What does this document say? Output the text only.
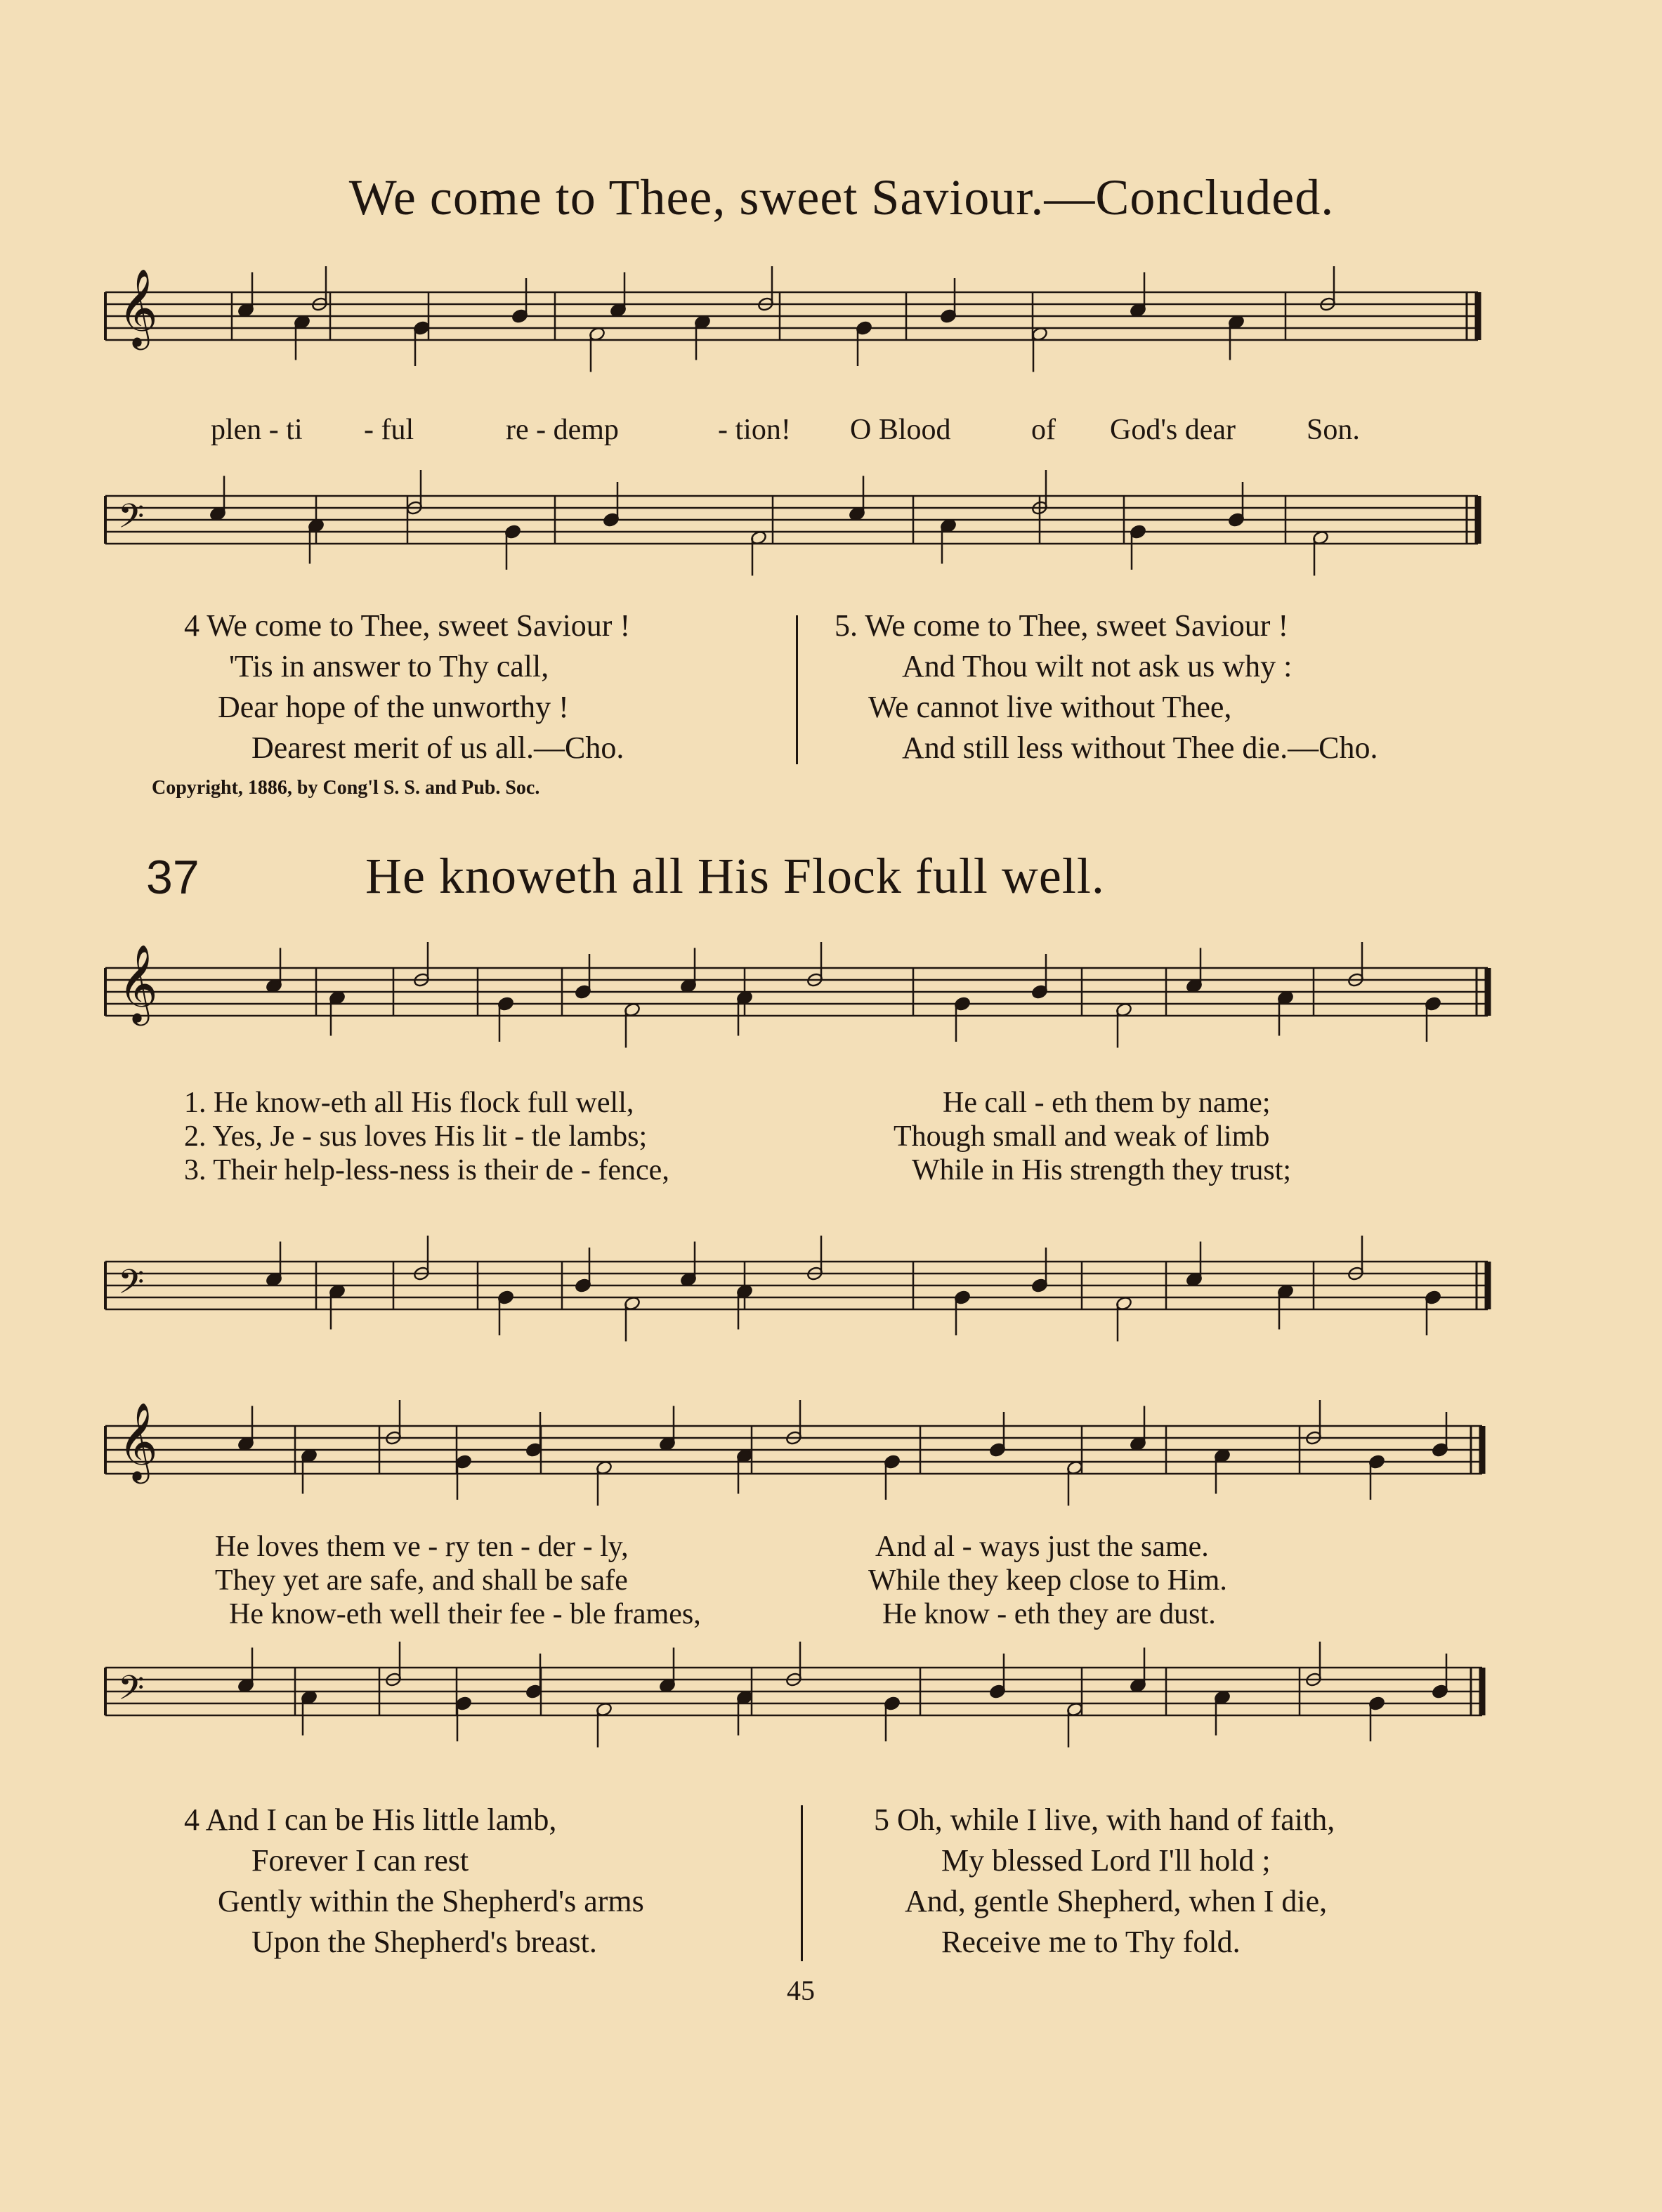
We come to Thee, sweet Saviour.—Concluded.
𝄞
𝄢
plen - ti - ful	re - demp	- tion! O Blood	of God's dear Son.
4 We come to Thee, sweet Saviour !
'Tis in answer to Thy call,
Dear hope of the unworthy !
Dearest merit of us all.—Cho.
5. We come to Thee, sweet Saviour !
And Thou wilt not ask us why :
We cannot live without Thee,
And still less without Thee die.—Cho.
Copyright, 1886, by Cong'l S. S. and Pub. Soc.
37	He knoweth all His Flock full well.
𝄞
1. He know-eth all His flock full well,	He call - eth them by name;
2. Yes, Je - sus loves His lit - tle lambs;	Though small and weak of limb
3. Their help-less-ness is their de - fence,	While in His strength they trust;
𝄢
𝄞
He loves them ve - ry ten - der - ly,	And al - ways just the same.
They yet are safe, and shall be safe	While they keep close to Him.
He know-eth well their fee - ble frames,	He know - eth they are dust.
𝄢
4 And I can be His little lamb,
Forever I can rest
Gently within the Shepherd's arms
Upon the Shepherd's breast.
5 Oh, while I live, with hand of faith,
My blessed Lord I'll hold ;
And, gentle Shepherd, when I die,
Receive me to Thy fold.
45
